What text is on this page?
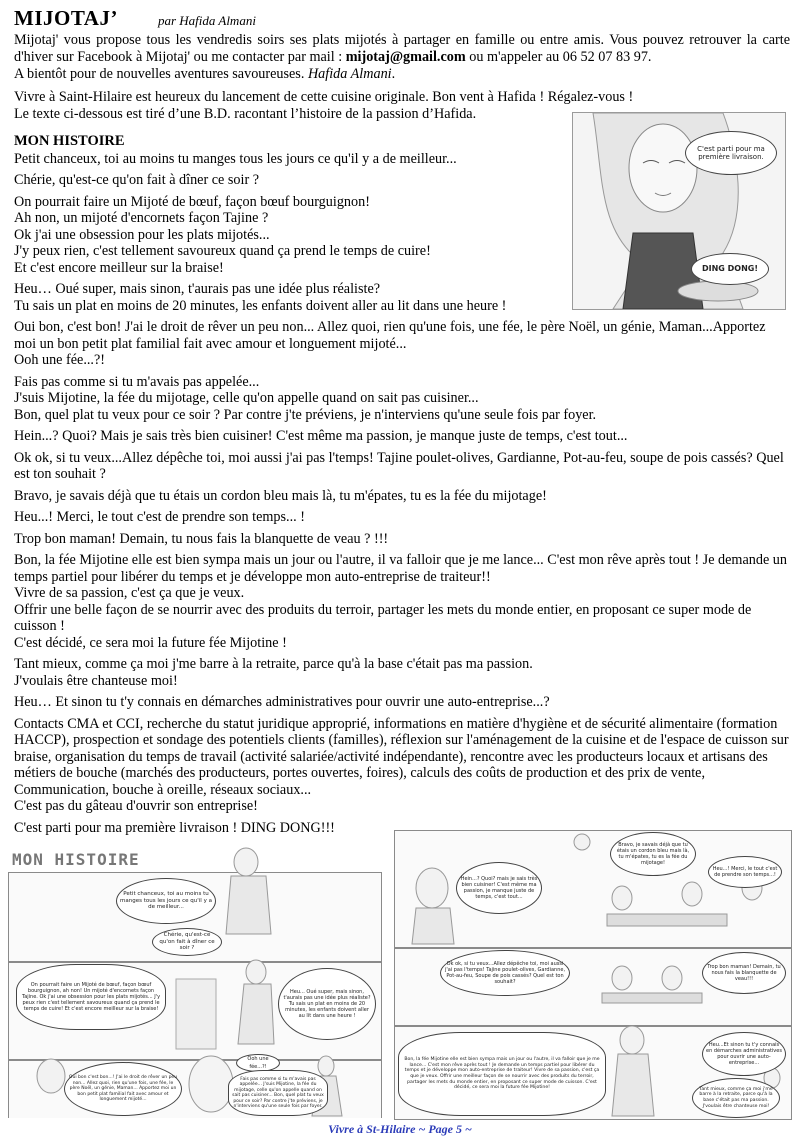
MIJOTAJ’	par Hafida Almani
Mijotaj' vous propose tous les vendredis soirs ses plats mijotés à partager en famille ou entre amis. Vous pouvez retrouver la carte d'hiver sur Facebook à Mijotaj' ou me contacter par mail : mijotaj@gmail.com ou m'appeler au 06 52 07 83 97.
A bientôt pour de nouvelles aventures savoureuses. Hafida Almani.
Vivre à Saint-Hilaire est heureux du lancement de cette cuisine originale. Bon vent à Hafida ! Régalez-vous !
Le texte ci-dessous est tiré d’une B.D. racontant l’histoire de la passion d’Hafida.
MON HISTOIRE

Petit chanceux, toi au moins tu manges tous les jours ce qu'il y a de meilleur...

Chérie, qu'est-ce qu'on fait à dîner ce soir ?

On pourrait faire un Mijoté de bœuf, façon bœuf bourguignon!
Ah non, un mijoté d'encornets façon Tajine ?
Ok j'ai une obsession pour les plats mijotés...
J'y peux rien, c'est tellement savoureux quand ça prend le temps de cuire!
Et c'est encore meilleur sur la braise!

Heu… Oué super, mais sinon, t'aurais pas une idée plus réaliste?
Tu sais un plat en moins de 20 minutes, les enfants doivent aller au lit dans une heure !

Oui bon, c'est bon! J'ai le droit de rêver un peu non... Allez quoi, rien qu'une fois, une fée, le père Noël, un génie, Maman...Apportez moi un bon petit plat familial fait avec amour et longuement mijoté...
Ooh une fée...?!

Fais pas comme si tu m'avais pas appelée...
J'suis Mijotine, la fée du mijotage, celle qu'on appelle quand on sait pas cuisiner...
Bon, quel plat tu veux pour ce soir ? Par contre j'te préviens, je n'interviens qu'une seule fois par foyer.

Hein...? Quoi? Mais je sais très bien cuisiner! C'est même ma passion, je manque juste de temps, c'est tout...

Ok ok, si tu veux...Allez dépêche toi, moi aussi j'ai pas l'temps! Tajine poulet-olives, Gardianne, Pot-au-feu, soupe de pois cassés? Quel est ton souhait ?

Bravo, je savais déjà que tu étais un cordon bleu mais là, tu m'épates, tu es la fée du mijotage!

Heu...! Merci, le tout c'est de prendre son temps... !

Trop bon maman! Demain, tu nous fais la blanquette de veau ? !!!

Bon, la fée Mijotine elle est bien sympa mais un jour ou l'autre, il va falloir que je me lance... C'est mon rêve après tout ! Je demande un temps partiel pour libérer du temps et je développe mon auto-entreprise de traiteur!!
Vivre de sa passion, c'est ça que je veux.
Offrir une belle façon de se nourrir avec des produits du terroir, partager les mets du monde entier, en proposant ce super mode de cuisson !
C'est décidé, ce sera moi la future fée Mijotine !

Tant mieux, comme ça moi j'me barre à la retraite, parce qu'à la base c'était pas ma passion.
J'voulais être chanteuse moi!

Heu… Et sinon tu t'y connais en démarches administratives pour ouvrir une auto-entreprise...?

Contacts CMA et CCI, recherche du statut juridique approprié, informations en matière d'hygiène et de sécurité alimentaire (formation HACCP), prospection et sondage des potentiels clients (familles), réflexion sur l'aménagement de la cuisine et de l'espace de cuisson sur braise, organisation du temps de travail (activité salariée/activité indépendante), rencontre avec les producteurs locaux et artisans des métiers de bouche (marchés des producteurs, portes ouvertes, foires), calculs des coûts de production et des prix de vente, Communication, bouche à oreille, réseaux sociaux...
C'est pas du gâteau d'ouvrir son entreprise!

C'est parti pour ma première livraison ! DING DONG!!!

C'est parti pour ma première livraison.
DING DONG!
MON HISTOIRE
Petit chanceux, toi au moins tu manges tous les jours ce qu'il y a de meilleur...
Chérie, qu'est-ce qu'on fait à dîner ce soir ?
On pourrait faire un Mijoté de bœuf, façon bœuf bourguignon, ah non! Un mijoté d'encornets façon Tajine. Ok j'ai une obsession pour les plats mijotés... J'y peux rien c'est tellement savoureux quand ça prend le temps de cuire! Et c'est encore meilleur sur la braise!
Heu... Oué super, mais sinon, t'aurais pas une idée plus réaliste? Tu sais un plat en moins de 20 minutes, les enfants doivent aller au lit dans une heure !
Oui bon c'est bon...! J'ai le droit de rêver un peu non... Allez quoi, rien qu'une fois, une fée, le père Noël, un génie, Maman... Apportez moi un bon petit plat familial fait avec amour et longuement mijoté...
Ooh une fée...?!
Fais pas comme si tu m'avais pas appelée... J'suis Mijotine, la fée du mijotage, celle qu'on appelle quand on sait pas cuisiner... Bon, quel plat tu veux pour ce soir? Par contre j'te préviens, je n'interviens qu'une seule fois par foyer.
Hein...? Quoi? mais je sais très bien cuisiner! C'est même ma passion, je manque juste de temps, c'est tout...
Bravo, je savais déjà que tu étais un cordon bleu mais là, tu m'épates, tu es la fée du mijotage!
Heu...! Merci, le tout c'est de prendre son temps...!
Ok ok, si tu veux...Allez dépêche toi, moi aussi j'ai pas l'temps! Tajine poulet-olives, Gardianne, Pot-au-feu, Soupe de pois cassés? Quel est ton souhait?
Trop bon maman! Demain, tu nous fais la blanquette de veau!!!
Heu...Et sinon tu t'y connais en démarches administratives pour ouvrir une auto-entreprise...
Bon, la fée Mijotine elle est bien sympa mais un jour ou l'autre, il va falloir que je me lance... C'est mon rêve après tout ! Je demande un temps partiel pour libérer du temps et je développe mon auto-entreprise de traiteur! Vivre de sa passion, c'est ça que je veux. Offrir une meilleur façon de se nourrir avec des produits du terroir, partager les mets du monde entier, en proposant ce super mode de cuisson. C'est décidé, ce sera moi la future fée Mijotine!	Tant mieux, comme ça moi j'me barre à la retraite, parce qu'à la base c'était pas ma passion. J'voulais être chanteuse moi!
Vivre à St-Hilaire ~ Page 5 ~
